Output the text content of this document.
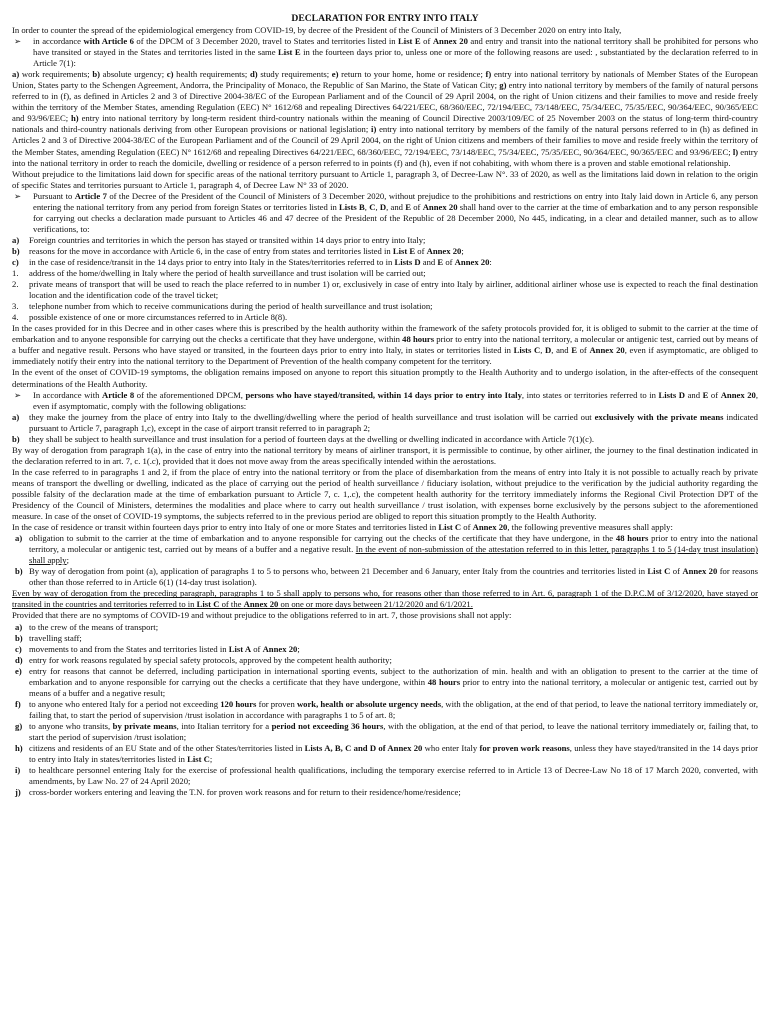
DECLARATION FOR ENTRY INTO ITALY

In order to counter the spread of the epidemiological emergency from COVID-19, by decree of the President of the Council of Ministers of 3 December 2020 on entry into Italy,

➢	in accordance with Article 6 of the DPCM of 3 December 2020, travel to States and territories listed in List E of Annex 20 and entry and transit into the national territory shall be prohibited for persons who have transited or stayed in the States and territories listed in the same List E in the fourteen days prior to, unless one or more of the following reasons are used: , substantiated by the declaration referred to in Article 7(1):

a) work requirements; b) absolute urgency; c) health requirements; d) study requirements; e) return to your home, home or residence; f) entry into national territory by nationals of Member States of the European Union, States party to the Schengen Agreement, Andorra, the Principality of Monaco, the Republic of San Marino, the State of Vatican City; g) entry into national territory by members of the family of natural persons referred to in (f), as defined in Articles 2 and 3 of Directive 2004-38/EC of the European Parliament and of the Council of 29 April 2004, on the right of Union citizens and their families to move and reside freely within the territory of the Member States, amending Regulation (EEC) N° 1612/68 and repealing Directives 64/221/EEC, 68/360/EEC, 72/194/EEC, 73/148/EEC, 75/34/EEC, 75/35/EEC, 90/364/EEC, 90/365/EEC and 93/96/EEC; h) entry into national territory by long-term resident third-country nationals within the meaning of Council Directive 2003/109/EC of 25 November 2003 on the status of long-term third-country nationals and third-country nationals deriving from other European provisions or national legislation; i) entry into national territory by members of the family of the natural persons referred to in (h) as defined in Articles 2 and 3 of Directive 2004-38/EC of the European Parliament and of the Council of 29 April 2004, on the right of Union citizens and members of their families to move and reside freely within the territory of the Member States, amending Regulation (EEC) N° 1612/68 and repealing Directives 64/221/EEC, 68/360/EEC, 72/194/EEC, 73/148/EEC, 75/34/EEC, 75/35/EEC, 90/364/EEC, 90/365/EEC and 93/96/EEC; l) entry into the national territory in order to reach the domicile, dwelling or residence of a person referred to in points (f) and (h), even if not cohabiting, with whom there is a proven and stable emotional relationship.

Without prejudice to the limitations laid down for specific areas of the national territory pursuant to Article 1, paragraph 3, of Decree-Law N°. 33 of 2020, as well as the limitations laid down in relation to the origin of specific States and territories pursuant to Article 1, paragraph 4, of Decree Law N° 33 of 2020.

➢	Pursuant to Article 7 of the Decree of the President of the Council of Ministers of 3 December 2020, without prejudice to the prohibitions and restrictions on entry into Italy laid down in Article 6, any person entering the national territory from any period from foreign States or territories listed in Lists B, C, D, and E of Annex 20 shall hand over to the carrier at the time of embarkation and to any person responsible for carrying out checks a declaration made pursuant to Articles 46 and 47 decree of the President of the Republic of 28 December 2000, No 445, indicating, in a clear and detailed manner, such as to allow verifications, to:
a)	Foreign countries and territories in which the person has stayed or transited within 14 days prior to entry into Italy;
b)	reasons for the move in accordance with Article 6, in the case of entry from states and territories listed in List E of Annex 20;
c)	in the case of residence/transit in the 14 days prior to entry into Italy in the States/territories referred to in Lists D and E of Annex 20:
1.	address of the home/dwelling in Italy where the period of health surveillance and trust isolation will be carried out;
2.	private means of transport that will be used to reach the place referred to in number 1) or, exclusively in case of entry into Italy by airliner, additional airliner whose use is expected to reach the final destination location and the identification code of the travel ticket;
3.	telephone number from which to receive communications during the period of health surveillance and trust isolation;
4.	possible existence of one or more circumstances referred to in Article 8(8).

In the cases provided for in this Decree and in other cases where this is prescribed by the health authority within the framework of the safety protocols provided for, it is obliged to submit to the carrier at the time of embarkation and to anyone responsible for carrying out the checks a certificate that they have undergone, within 48 hours prior to entry into the national territory, a molecular or antigenic test, carried out by means of a buffer and negative result. Persons who have stayed or transited, in the fourteen days prior to entry into Italy, in states or territories listed in Lists C, D, and E of Annex 20, even if asymptomatic, are obliged to immediately notify their entry into the national territory to the Department of Prevention of the health company competent for the territory.

In the event of the onset of COVID-19 symptoms, the obligation remains imposed on anyone to report this situation promptly to the Health Authority and to undergo isolation, in the after-effects of the consequent determinations of the Health Authority.

➢	In accordance with Article 8 of the aforementioned DPCM, persons who have stayed/transited, within 14 days prior to entry into Italy, into states or territories referred to in Lists D and E of Annex 20, even if asymptomatic, comply with the following obligations:
a)	they make the journey from the place of entry into Italy to the dwelling/dwelling where the period of health surveillance and trust isolation will be carried out exclusively with the private means indicated pursuant to Article 7, paragraph 1,c), except in the case of airport transit referred to in paragraph 2;
b)	they shall be subject to health surveillance and trust insulation for a period of fourteen days at the dwelling or dwelling indicated in accordance with Article 7(1)(c).

By way of derogation from paragraph 1(a), in the case of entry into the national territory by means of airliner transport, it is permissible to continue, by other airliner, the journey to the final destination indicated in the declaration referred to in art. 7, c. 1(.c), provided that it does not move away from the areas specifically intended within the aerostations.

In the case referred to in paragraphs 1 and 2, if from the place of entry into the national territory or from the place of disembarkation from the means of entry into Italy it is not possible to actually reach by private means of transport the dwelling or dwelling, indicated as the place of carrying out the period of health surveillance / fiduciary isolation, without prejudice to the verification by the judicial authority regarding the possible falsity of the declaration made at the time of embarkation pursuant to Article 7, c. 1,.c), the competent health authority for the territory immediately informs the Regional Civil Protection DPT of the Presidency of the Council of Ministers, determines the modalities and place where to carry out health surveillance / trust isolation, with expenses borne exclusively by the persons subject to the aforementioned measure. In case of the onset of COVID-19 symptoms, the subjects referred to in the previous period are obliged to report this situation promptly to the Health Authority.

In the case of residence or transit within fourteen days prior to entry into Italy of one or more States and territories listed in List C of Annex 20, the following preventive measures shall apply:

a) obligation to submit to the carrier at the time of embarkation and to anyone responsible for carrying out the checks of the certificate that they have undergone, in the 48 hours prior to entry into the national territory, a molecular or antigenic test, carried out by means of a buffer and a negative result. In the event of non-submission of the attestation referred to in this letter, paragraphs 1 to 5 (14-day trust insulation) shall apply;
b) By way of derogation from point (a), application of paragraphs 1 to 5 to persons who, between 21 December and 6 January, enter Italy from the countries and territories listed in List C of Annex 20 for reasons other than those referred to in Article 6(1) (14-day trust isolation).

Even by way of derogation from the preceding paragraph, paragraphs 1 to 5 shall apply to persons who, for reasons other than those referred to in Art. 6, paragraph 1 of the D.P.C.M of 3/12/2020, have stayed or transited in the countries and territories referred to in List C of the Annex 20 on one or more days between 21/12/2020 and 6/1/2021.

Provided that there are no symptoms of COVID-19 and without prejudice to the obligations referred to in art. 7, those provisions shall not apply:

a) to the crew of the means of transport;
b) travelling staff;
c) movements to and from the States and territories listed in List A of Annex 20;
d) entry for work reasons regulated by special safety protocols, approved by the competent health authority;
e) entry for reasons that cannot be deferred, including participation in international sporting events, subject to the authorization of min. health and with an obligation to present to the carrier at the time of embarkation and to anyone responsible for carrying out the checks a certificate that they have undergone, within 48 hours prior to entry into the national territory, a molecular or antigenic test, carried out by means of a buffer and a negative result;
f) to anyone who entered Italy for a period not exceeding 120 hours for proven work, health or absolute urgency needs, with the obligation, at the end of that period, to leave the national territory immediately or, failing that, to start the period of supervision /trust isolation in accordance with paragraphs 1 to 5 of art. 8;
g) to anyone who transits, by private means, into Italian territory for a period not exceeding 36 hours, with the obligation, at the end of that period, to leave the national territory immediately or, failing that, to start the period of supervision /trust isolation;
h) citizens and residents of an EU State and of the other States/territories listed in Lists A, B, C and D of Annex 20 who enter Italy for proven work reasons, unless they have stayed/transited in the 14 days prior to entry into Italy in states/territories listed in List C;
i)	to healthcare personnel entering Italy for the exercise of professional health qualifications, including the temporary exercise referred to in Article 13 of Decree-Law No 18 of 17 March 2020, converted, with amendments, by Law No. 27 of 24 April 2020;
j) cross-border workers entering and leaving the T.N. for proven work reasons and for return to their residence/home/residence;
